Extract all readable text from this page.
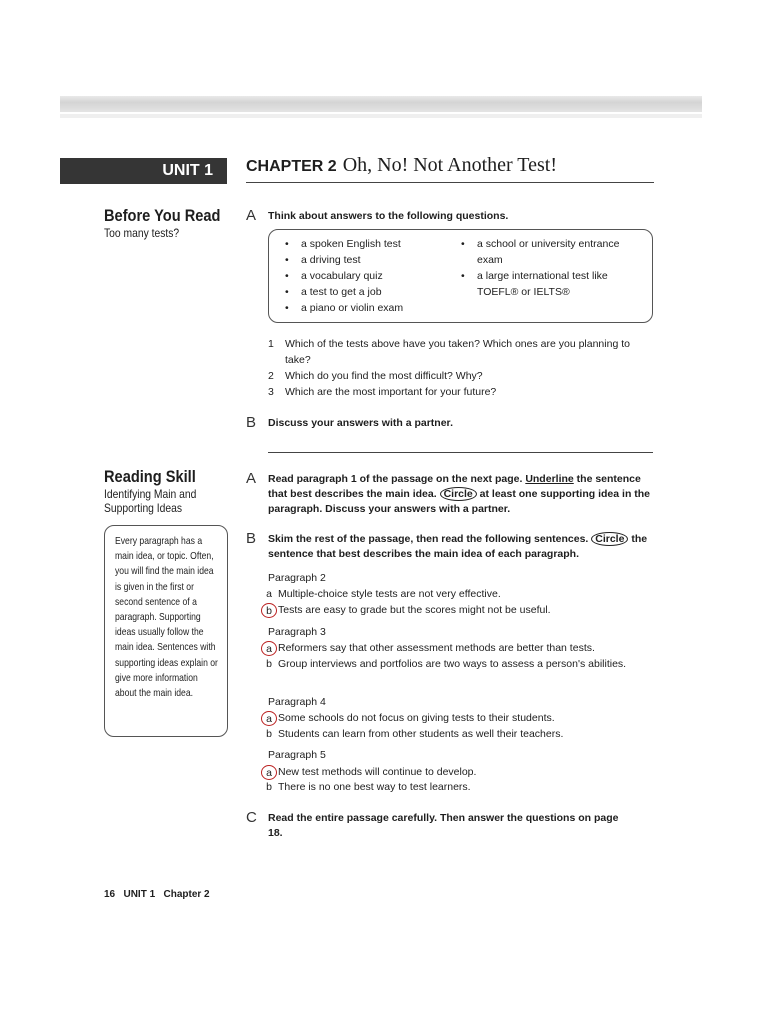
UNIT 1 CHAPTER 2 Oh, No! Not Another Test!
Before You Read
Too many tests?
A Think about answers to the following questions.
• a spoken English test
• a driving test
• a vocabulary quiz
• a test to get a job
• a piano or violin exam
• a school or university entrance exam
• a large international test like TOEFL® or IELTS®
1	Which of the tests above have you taken? Which ones are you planning to take?
2	Which do you find the most difficult? Why?
3	Which are the most important for your future?
B Discuss your answers with a partner.
Reading Skill
Identifying Main and
Supporting Ideas
Every paragraph has a main idea, or topic. Often, you will find the main idea is given in the first or second sentence of a paragraph. Supporting ideas usually follow the main idea. Sentences with supporting ideas explain or give more information about the main idea.
A Read paragraph 1 of the passage on the next page. Underline the sentence that best describes the main idea. Circle at least one supporting idea in the paragraph. Discuss your answers with a partner.
B Skim the rest of the passage, then read the following sentences. Circle the sentence that best describes the main idea of each paragraph.
Paragraph 2
a Multiple-choice style tests are not very effective.
b Tests are easy to grade but the scores might not be useful.
Paragraph 3
a Reformers say that other assessment methods are better than tests.
b Group interviews and portfolios are two ways to assess a person's abilities.
Paragraph 4
a Some schools do not focus on giving tests to their students.
b Students can learn from other students as well their teachers.
Paragraph 5
a New test methods will continue to develop.
b There is no one best way to test learners.
C Read the entire passage carefully. Then answer the questions on page 18.
16 UNIT 1 Chapter 2
